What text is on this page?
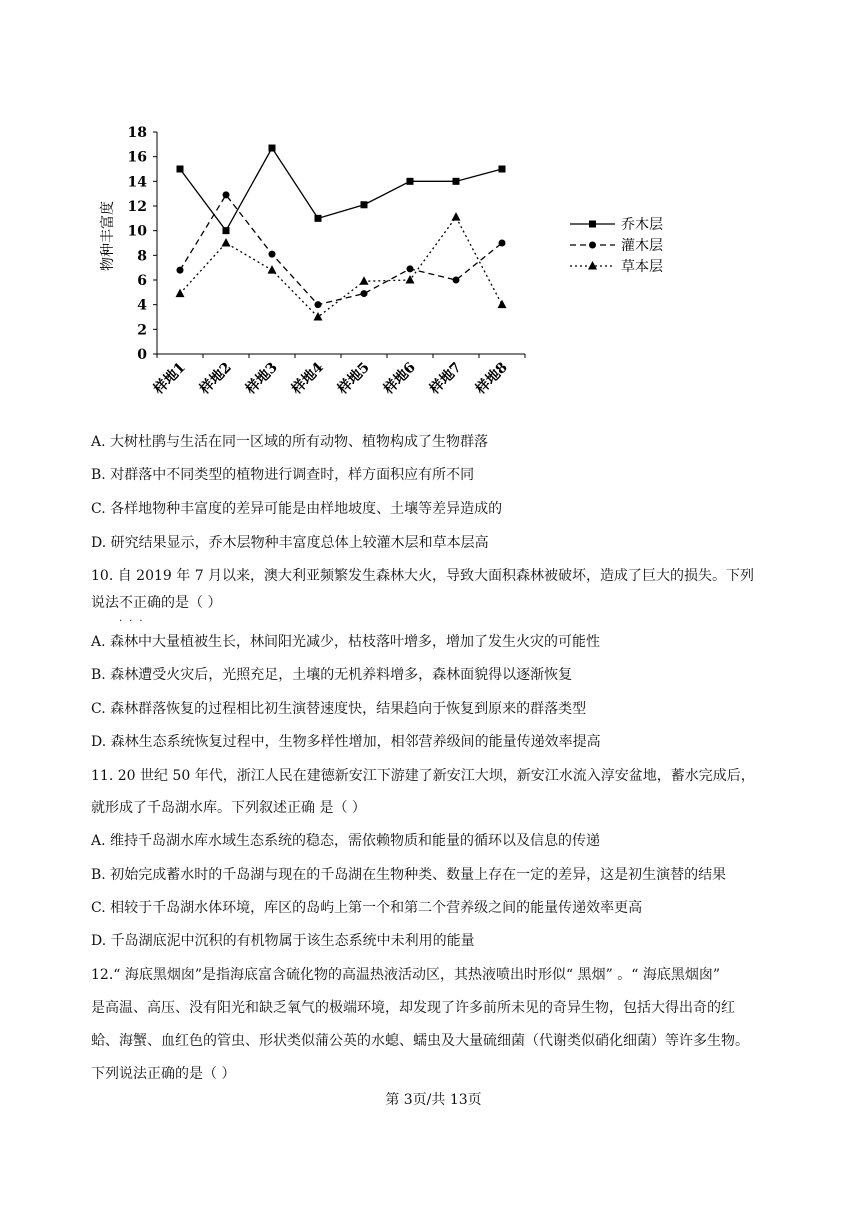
0
2
4
6
8
10
12
14
16
18
样地1 样地2 样地3 样地4 样地5 样地6 样地7 样地8
物种丰富度	乔木层
灌木层
草本层
A. 大树杜鹃与生活在同一区域的所有动物、植物构成了生物群落
B. 对群落中不同类型的植物进行调查时，样方面积应有所不同
C. 各样地物种丰富度的差异可能是由样地坡度、土壤等差异造成的
D. 研究结果显示，乔木层物种丰富度总体上较灌木层和草本层高
10. 自 2019 年 7 月以来，澳大利亚频繁发生森林大火，导致大面积森林被破坏，造成了巨大的损失。下列
说法不正确
···
的是（ ）
A. 森林中大量植被生长，林间阳光减少，枯枝落叶增多，增加了发生火灾的可能性
B. 森林遭受火灾后，光照充足，土壤的无机养料增多，森林面貌得以逐渐恢复
C. 森林群落恢复的过程相比初生演替速度快，结果趋向于恢复到原来的群落类型
D. 森林生态系统恢复过程中，生物多样性增加，相邻营养级间的能量传递效率提高
11. 20 世纪 50 年代，浙江人民在建德新安江下游建了新安江大坝，新安江水流入淳安盆地，蓄水完成后，
就形成了千岛湖水库。下列叙述正确 是（ ）
A. 维持千岛湖水库水域生态系统的稳态，需依赖物质和能量的循环以及信息的传递
B. 初始完成蓄水时的千岛湖与现在的千岛湖在生物种类、数量上存在一定的差异，这是初生演替的结果
C. 相较于千岛湖水体环境，库区的岛屿上第一个和第二个营养级之间的能量传递效率更高
D. 千岛湖底泥中沉积的有机物属于该生态系统中未利用的能量
12.“ 海底黑烟囱”是指海底富含硫化物的高温热液活动区，其热液喷出时形似“ 黑烟” 。“ 海底黑烟囱”
是高温、高压、没有阳光和缺乏氧气的极端环境，却发现了许多前所未见的奇异生物，包括大得出奇的红
蛤、海蟹、血红色的管虫、形状类似蒲公英的水螅、蠕虫及大量硫细菌（代谢类似硝化细菌）等许多生物。
下列说法正确的是（ ）
第 3页/共 13页
